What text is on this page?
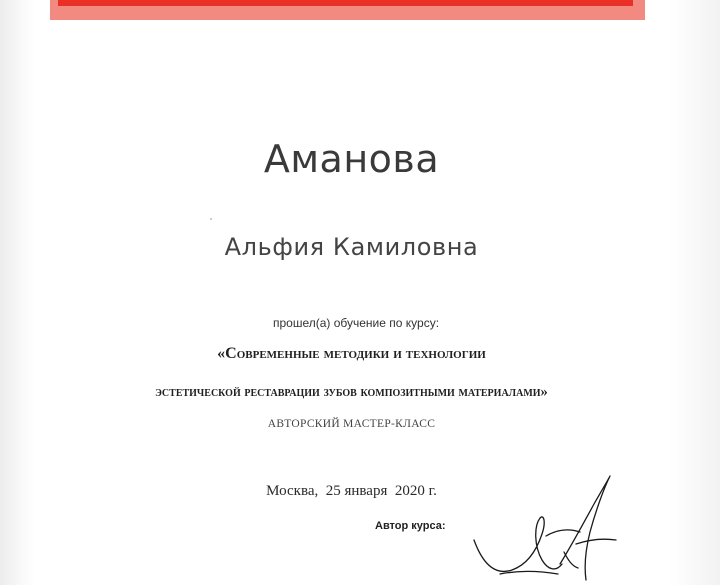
Аманова
Альфия Камиловна
прошел(а) обучение по курсу:
«Современные методики и технологии
эстетической реставрации зубов композитными материалами»
АВТОРСКИЙ МАСТЕР-КЛАСС
Москва,  25 января  2020 г.
Автор курса:
